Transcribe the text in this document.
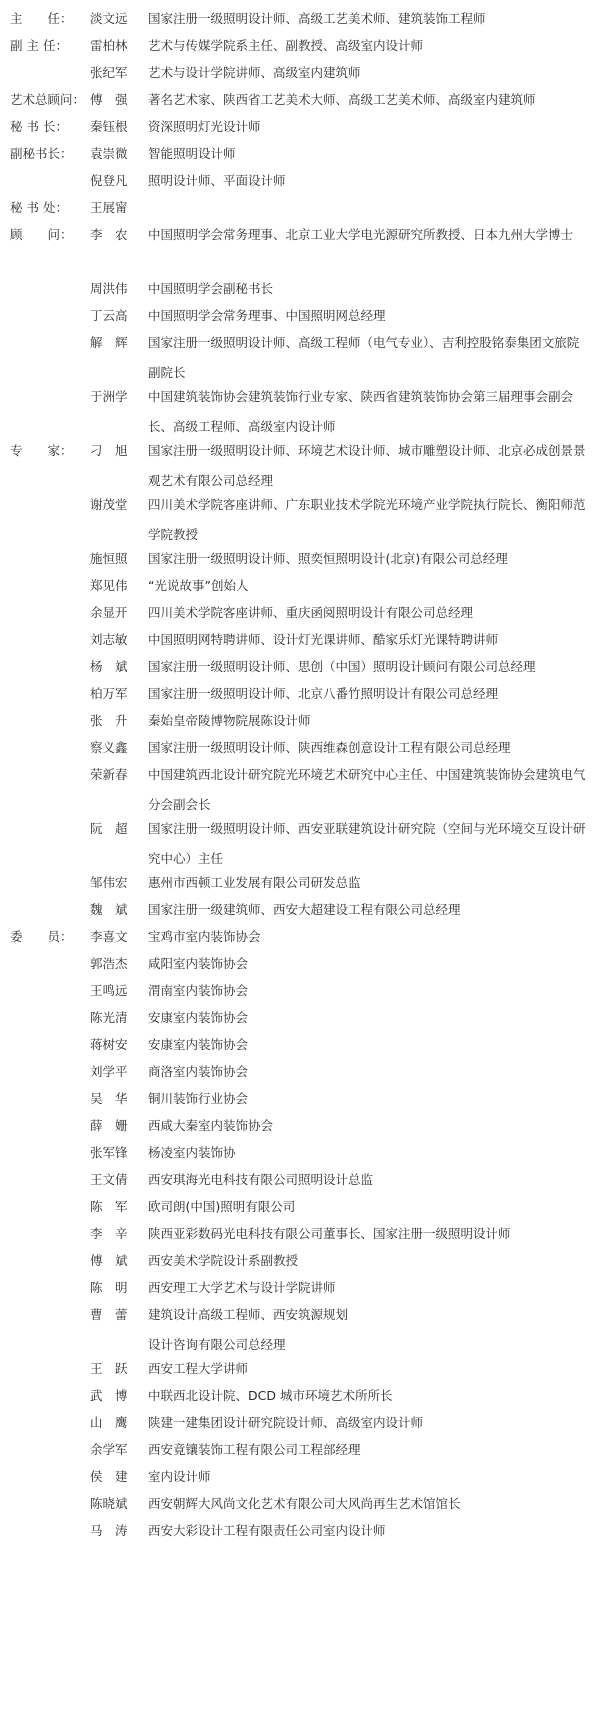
主　　任：	淡文远	国家注册一级照明设计师、高级工艺美术师、建筑装饰工程师
副 主 任：	雷柏林	艺术与传媒学院系主任、副教授、高级室内设计师
张纪军	艺术与设计学院讲师、高级室内建筑师
艺术总顾问： 傅　强	著名艺术家、陕西省工艺美术大师、高级工艺美术师、高级室内建筑师
秘 书 长：	秦钰根	资深照明灯光设计师
副秘书长：	袁崇微	智能照明设计师
倪登凡	照明设计师、平面设计师
秘 书 处：	王展甯
顾　　问：	李　农	中国照明学会常务理事、北京工业大学电光源研究所教授、日本九州大学博士
周洪伟	中国照明学会副秘书长
丁云高	中国照明学会常务理事、中国照明网总经理
解　辉	国家注册一级照明设计师、高级工程师（电气专业）、吉利控股铭泰集团文旅院副院长
于洲学	中国建筑装饰协会建筑装饰行业专家、陕西省建筑装饰协会第三届理事会副会长、高级工程师、高级室内设计师
专　　家：	刁　旭	国家注册一级照明设计师、环境艺术设计师、城市雕塑设计师、北京必成创景景观艺术有限公司总经理
谢茂堂	四川美术学院客座讲师、广东职业技术学院光环境产业学院执行院长、衡阳师范学院教授
施恒照	国家注册一级照明设计师、照奕恒照明设计(北京)有限公司总经理
郑见伟	“光说故事”创始人
余显开	四川美术学院客座讲师、重庆函阅照明设计有限公司总经理
刘志敏	中国照明网特聘讲师、设计灯光课讲师、酷家乐灯光课特聘讲师
杨　斌	国家注册一级照明设计师、思创（中国）照明设计顾问有限公司总经理
柏万军	国家注册一级照明设计师、北京八番竹照明设计有限公司总经理
张　升	秦始皇帝陵博物院展陈设计师
察义鑫	国家注册一级照明设计师、陕西维森创意设计工程有限公司总经理
荣新春	中国建筑西北设计研究院光环境艺术研究中心主任、中国建筑装饰协会建筑电气分会副会长
阮　超	国家注册一级照明设计师、西安亚联建筑设计研究院（空间与光环境交互设计研究中心）主任
邹伟宏	惠州市西顿工业发展有限公司研发总监
魏　斌	国家注册一级建筑师、西安大超建设工程有限公司总经理
委　　员：	李喜文	宝鸡市室内装饰协会
郭浩杰	咸阳室内装饰协会
王鸣远	渭南室内装饰协会
陈光清	安康室内装饰协会
蒋树安	安康室内装饰协会
刘学平	商洛室内装饰协会
吴　华	铜川装饰行业协会
薛　姗	西咸大秦室内装饰协会
张军锋	杨凌室内装饰协
王文倩	西安琪海光电科技有限公司照明设计总监
陈　军	欧司朗(中国)照明有限公司
李　辛	陕西亚彩数码光电科技有限公司董事长、国家注册一级照明设计师
傅　斌	西安美术学院设计系副教授
陈　明	西安理工大学艺术与设计学院讲师
曹　蕾	建筑设计高级工程师、西安筑源规划设计咨询有限公司总经理
王　跃	西安工程大学讲师
武　博	中联西北设计院、DCD 城市环境艺术所所长
山　鹰	陕建一建集团设计研究院设计师、高级室内设计师
余学军	西安竟镶装饰工程有限公司工程部经理
侯　建	室内设计师
陈晓斌	西安朝辉大风尚文化艺术有限公司大风尚再生艺术馆馆长
马　涛	西安大彩设计工程有限责任公司室内设计师
